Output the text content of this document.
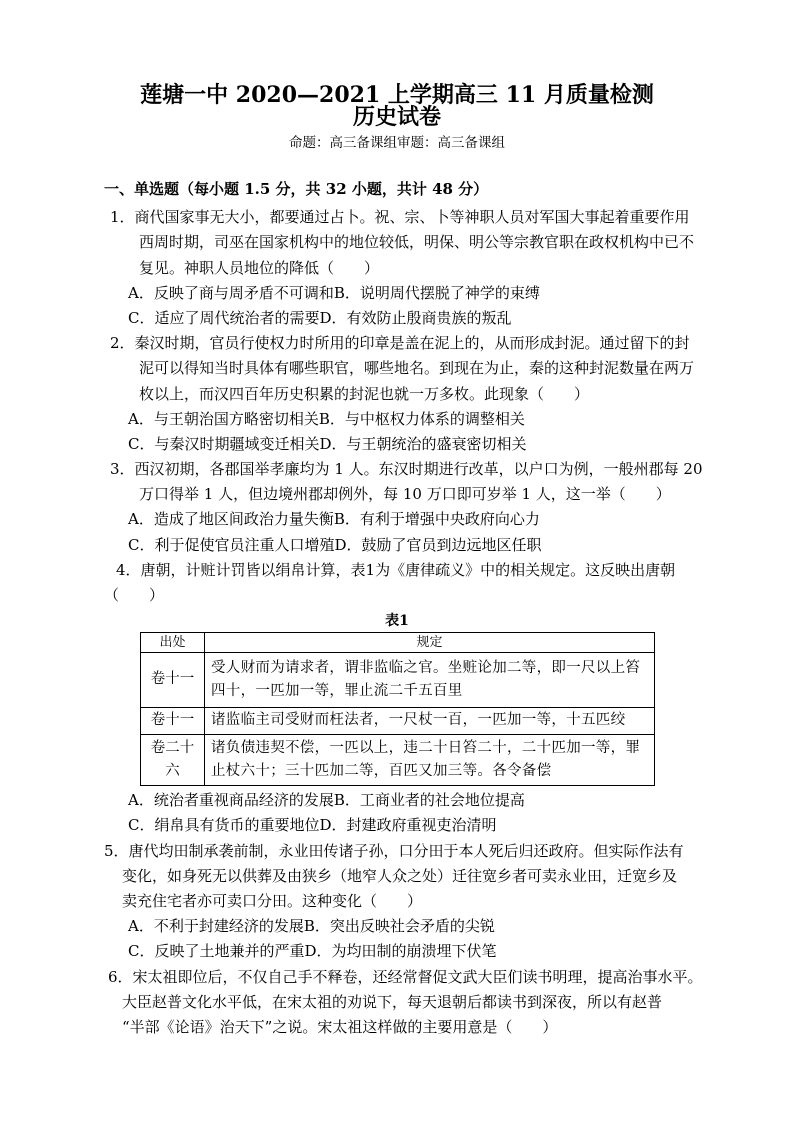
莲塘一中 2020—2021 上学期高三 11 月质量检测
历史试卷
命题：高三备课组审题：高三备课组
一、单选题（每小题 1.5 分，共 32 小题，共计 48 分）
1．商代国家事无大小，都要通过占卜。祝、宗、卜等神职人员对军国大事起着重要作用
西周时期，司巫在国家机构中的地位较低，明保、明公等宗教官职在政权机构中已不
复见。神职人员地位的降低（　　）
A．反映了商与周矛盾不可调和B．说明周代摆脱了神学的束缚
C．适应了周代统治者的需要D．有效防止殷商贵族的叛乱
2．秦汉时期，官员行使权力时所用的印章是盖在泥上的，从而形成封泥。通过留下的封
泥可以得知当时具体有哪些职官，哪些地名。到现在为止，秦的这种封泥数量在两万
枚以上，而汉四百年历史积累的封泥也就一万多枚。此现象（　　）
A．与王朝治国方略密切相关B．与中枢权力体系的调整相关
C．与秦汉时期疆域变迁相关D．与王朝统治的盛衰密切相关
3．西汉初期，各郡国举孝廉均为 1 人。东汉时期进行改革，以户口为例，一般州郡每 20
万口得举 1 人，但边境州郡却例外，每 10 万口即可岁举 1 人，这一举（　　）
A．造成了地区间政治力量失衡B．有利于增强中央政府向心力
C．利于促使官员注重人口增殖D．鼓励了官员到边远地区任职
4．唐朝，计赃计罚皆以绢帛计算，表1为《唐律疏义》中的相关规定。这反映出唐朝
（　　）
表1
出处	规定
卷十一	受人财而为请求者，谓非监临之官。坐赃论加二等，即一尺以上笞
四十，一匹加一等，罪止流二千五百里

卷十一	诸监临主司受财而枉法者，一尺杖一百，一匹加一等，十五匹绞

卷二十六	诸负债违契不偿，一匹以上，违二十日笞二十，二十匹加一等，罪
止杖六十；三十匹加二等，百匹又加三等。各令备偿
A．统治者重视商品经济的发展B．工商业者的社会地位提高
C．绢帛具有货币的重要地位D．封建政府重视吏治清明
5．唐代均田制承袭前制，永业田传诸子孙，口分田于本人死后归还政府。但实际作法有
变化，如身死无以供葬及由狭乡（地窄人众之处）迁往宽乡者可卖永业田，迁宽乡及
卖充住宅者亦可卖口分田。这种变化（　　）
A．不利于封建经济的发展B．突出反映社会矛盾的尖锐
C．反映了土地兼并的严重D．为均田制的崩溃埋下伏笔
6．宋太祖即位后，不仅自己手不释卷，还经常督促文武大臣们读书明理，提高治事水平。
大臣赵普文化水平低，在宋太祖的劝说下，每天退朝后都读书到深夜，所以有赵普
“半部《论语》治天下”之说。宋太祖这样做的主要用意是（　　）
